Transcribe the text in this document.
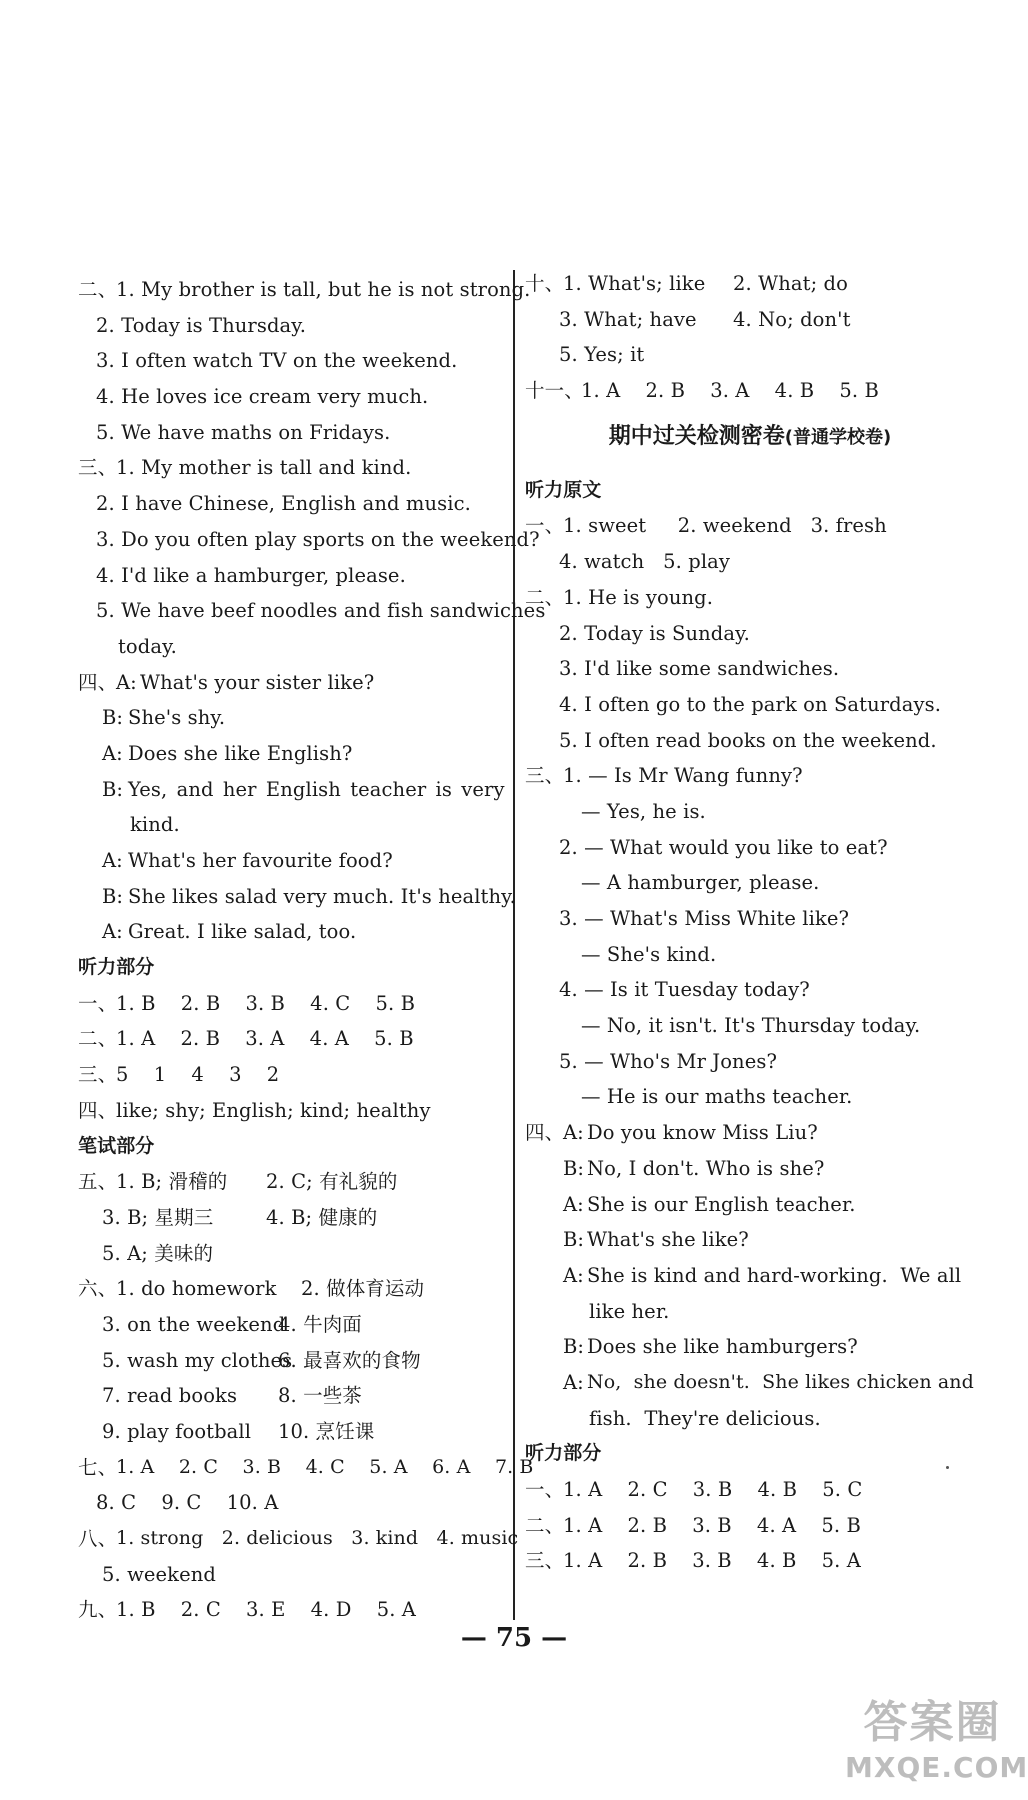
二、
1. My brother is tall, but he is not strong.
2. Today is Thursday.
3. I often watch TV on the weekend.
4. He loves ice cream very much.
5. We have maths on Fridays.
三、
1. My mother is tall and kind.
2. I have Chinese, English and music.
3. Do you often play sports on the weekend?
4. I'd like a hamburger, please.
5. We have beef noodles and fish sandwiches
today.
四、
A: What's your sister like?
B: She's shy.
A: Does she like English?
B: Yes, and her English teacher is very
kind.
A: What's her favourite food?
B: She likes salad very much. It's healthy.
A: Great. I like salad, too.
听力部分
一、
1. B    2. B    3. B    4. C    5. B
二、
1. A    2. B    3. A    4. A    5. B
三、
5    1    4    3    2
四、
like; shy; English; kind; healthy
笔试部分
五、
1. B; 滑稽的 2. C; 有礼貌的
3. B; 星期三	4. B; 健康的
5. A; 美味的
六、
1. do homework 2. 做体育运动
3. on the weekend
4. 牛肉面
5. wash my clothes
6. 最喜欢的食物
7. read books 8. 一些茶
9. play football 10. 烹饪课
七、
1. A    2. C    3. B    4. C    5. A    6. A    7. B
8. C    9. C    10. A
八、
1. strong   2. delicious   3. kind   4. music
5. weekend
九、
1. B    2. C    3. E    4. D    5. A
十、
1. What's; like 2. What; do
3. What; have 4. No; don't
5. Yes; it
十一、
1. A    2. B    3. A    4. B    5. B
期中过关检测密卷(普通学校卷)
听力原文
一、
1. sweet     2. weekend   3. fresh
4. watch   5. play
二、
1. He is young.
2. Today is Sunday.
3. I'd like some sandwiches.
4. I often go to the park on Saturdays.
5. I often read books on the weekend.
三、
1. — Is Mr Wang funny?
— Yes, he is.
2. — What would you like to eat?
— A hamburger, please.
3. — What's Miss White like?
— She's kind.
4. — Is it Tuesday today?
— No, it isn't. It's Thursday today.
5. — Who's Mr Jones?
— He is our maths teacher.
四、
A: Do you know Miss Liu?
B: No, I don't. Who is she?
A: She is our English teacher.
B: What's she like?
A: She is kind and hard-working.  We all
like her.
B: Does she like hamburgers?
A: No,  she doesn't.  She likes chicken and
fish.  They're delicious.
听力部分
一、
1. A    2. C    3. B    4. B    5. C
二、
1. A    2. B    3. B    4. A    5. B
三、
1. A    2. B    3. B    4. B    5. A
— 75 —
答案圈
MXQE.COM
